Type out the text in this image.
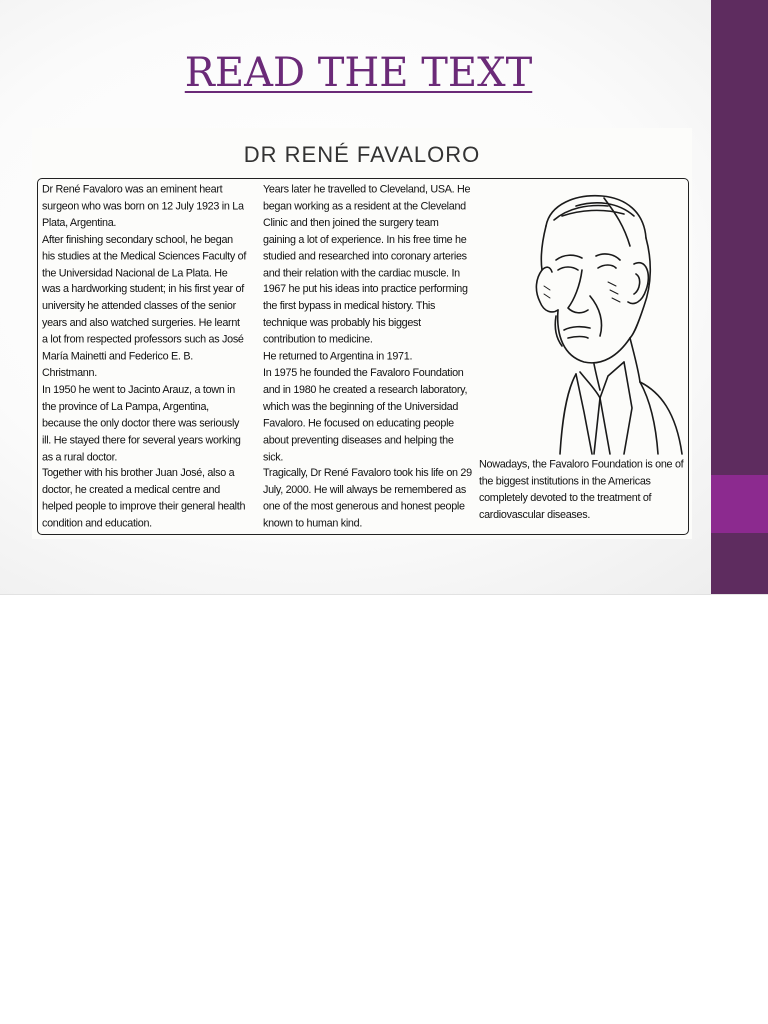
READ THE TEXT
DR RENÉ FAVALORO

Dr René Favaloro was an eminent heart surgeon who was born on 12 July 1923 in La Plata, Argentina.

After finishing secondary school, he began his studies at the Medical Sciences Faculty of the Universidad Nacional de La Plata. He was a hardworking student; in his first year of university he attended classes of the senior years and also watched surgeries. He learnt a lot from respected professors such as José María Mainetti and Federico E. B. Christmann.

In 1950 he went to Jacinto Arauz, a town in the province of La Pampa, Argentina, because the only doctor there was seriously ill. He stayed there for several years working as a rural doctor.

Together with his brother Juan José, also a doctor, he created a medical centre and helped people to improve their general health condition and education.

Years later he travelled to Cleveland, USA. He began working as a resident at the Cleveland Clinic and then joined the surgery team gaining a lot of experience. In his free time he studied and researched into coronary arteries and their relation with the cardiac muscle. In 1967 he put his ideas into practice performing the first bypass in medical history. This technique was probably his biggest contribution to medicine.

He returned to Argentina in 1971.

In 1975 he founded the Favaloro Foundation and in 1980 he created a research laboratory, which was the beginning of the Universidad Favaloro. He focused on educating people about preventing diseases and helping the sick.

Tragically, Dr René Favaloro took his life on 29 July, 2000. He will always be remembered as one of the most generous and honest people known to human kind.

Nowadays, the Favaloro Foundation is one of the biggest institutions in the Americas completely devoted to the treatment of cardiovascular diseases.
